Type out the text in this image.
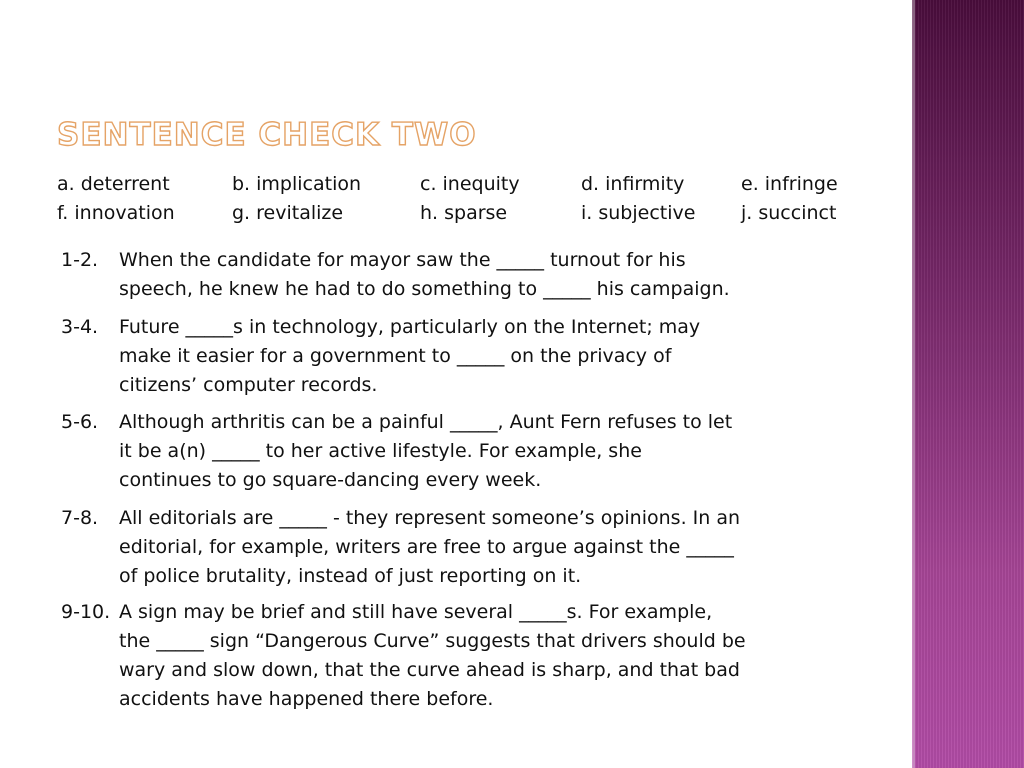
SENTENCE CHECK TWO
a. deterrent	b. implication	c. inequity	d. infirmity	e. infringe
f. innovation	g. revitalize	h. sparse	i. subjective j. succinct
1-2. When the candidate for mayor saw the _____ turnout for his
speech, he knew he had to do something to _____ his campaign.
3-4. Future _____s in technology, particularly on the Internet; may
make it easier for a government to _____ on the privacy of
citizens’ computer records.
5-6. Although arthritis can be a painful _____, Aunt Fern refuses to let
it be a(n) _____ to her active lifestyle. For example, she
continues to go square-dancing every week.
7-8. All editorials are _____ - they represent someone’s opinions. In an
editorial, for example, writers are free to argue against the _____
of police brutality, instead of just reporting on it.
9-10. A sign may be brief and still have several _____s. For example,
the _____ sign “Dangerous Curve” suggests that drivers should be
wary and slow down, that the curve ahead is sharp, and that bad
accidents have happened there before.
